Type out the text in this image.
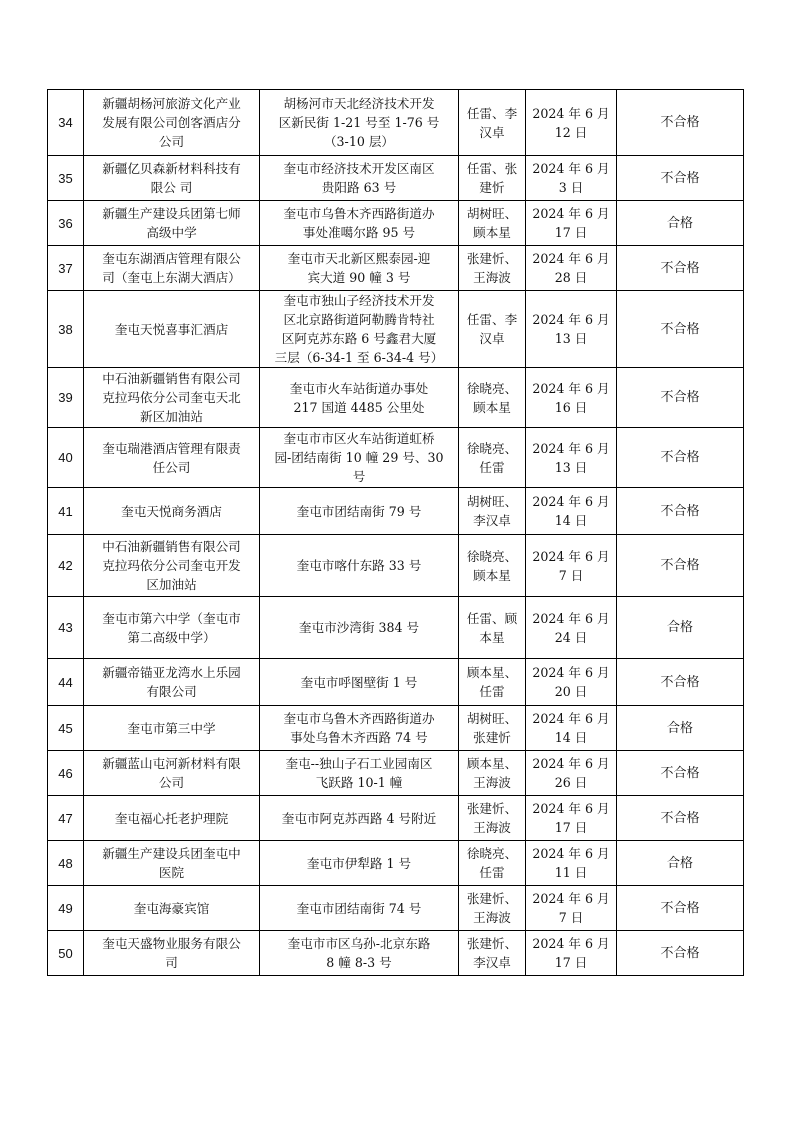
34	新疆胡杨河旅游文化产业
发展有限公司创客酒店分
公司	胡杨河市天北经济技术开发
区新民街 1-21 号至 1-76 号
（3-10 层）	任雷、李
汉卓	2024 年 6 月
12 日	不合格
35	新疆亿贝森新材料科技有
限公 司	奎屯市经济技术开发区南区
贵阳路 63 号	任雷、张
建忻	2024 年 6 月
3 日	不合格
36	新疆生产建设兵团第七师
高级中学	奎屯市乌鲁木齐西路街道办
事处准噶尔路 95 号	胡树旺、
顾本星	2024 年 6 月
17 日	合格
37	奎屯东湖酒店管理有限公
司（奎屯上东湖大酒店）	奎屯市天北新区熙泰园-迎
宾大道 90 幢 3 号	张建忻、
王海波	2024 年 6 月
28 日	不合格
38	奎屯天悦喜事汇酒店	奎屯市独山子经济技术开发
区北京路街道阿勒腾肯特社
区阿克苏东路 6 号鑫君大厦
三层（6-34-1 至 6-34-4 号）	任雷、李
汉卓	2024 年 6 月
13 日	不合格
39	中石油新疆销售有限公司
克拉玛依分公司奎屯天北
新区加油站	奎屯市火车站街道办事处
217 国道 4485 公里处	徐晓亮、
顾本星	2024 年 6 月
16 日	不合格
40	奎屯瑞港酒店管理有限责
任公司	奎屯市市区火车站街道虹桥
园-团结南街 10 幢 29 号、30
号	徐晓亮、
任雷	2024 年 6 月
13 日	不合格
41	奎屯天悦商务酒店	奎屯市团结南街 79 号	胡树旺、
李汉卓	2024 年 6 月
14 日	不合格
42	中石油新疆销售有限公司
克拉玛依分公司奎屯开发
区加油站	奎屯市喀什东路 33 号	徐晓亮、
顾本星	2024 年 6 月
7 日	不合格
43	奎屯市第六中学（奎屯市
第二高级中学）	奎屯市沙湾街 384 号	任雷、顾
本星	2024 年 6 月
24 日	合格
44	新疆帝锚亚龙湾水上乐园
有限公司	奎屯市呼图壁街 1 号	顾本星、
任雷	2024 年 6 月
20 日	不合格
45	奎屯市第三中学	奎屯市乌鲁木齐西路街道办
事处乌鲁木齐西路 74 号	胡树旺、
张建忻	2024 年 6 月
14 日	合格
46	新疆蓝山屯河新材料有限
公司	奎屯--独山子石工业园南区
飞跃路 10-1 幢	顾本星、
王海波	2024 年 6 月
26 日	不合格
47	奎屯福心托老护理院	奎屯市阿克苏西路 4 号附近	张建忻、
王海波	2024 年 6 月
17 日	不合格
48	新疆生产建设兵团奎屯中
医院	奎屯市伊犁路 1 号	徐晓亮、
任雷	2024 年 6 月
11 日	合格
49	奎屯海豪宾馆	奎屯市团结南街 74 号	张建忻、
王海波	2024 年 6 月
7 日	不合格
50	奎屯天盛物业服务有限公
司	奎屯市市区乌孙-北京东路
8 幢 8-3 号	张建忻、
李汉卓	2024 年 6 月
17 日	不合格
